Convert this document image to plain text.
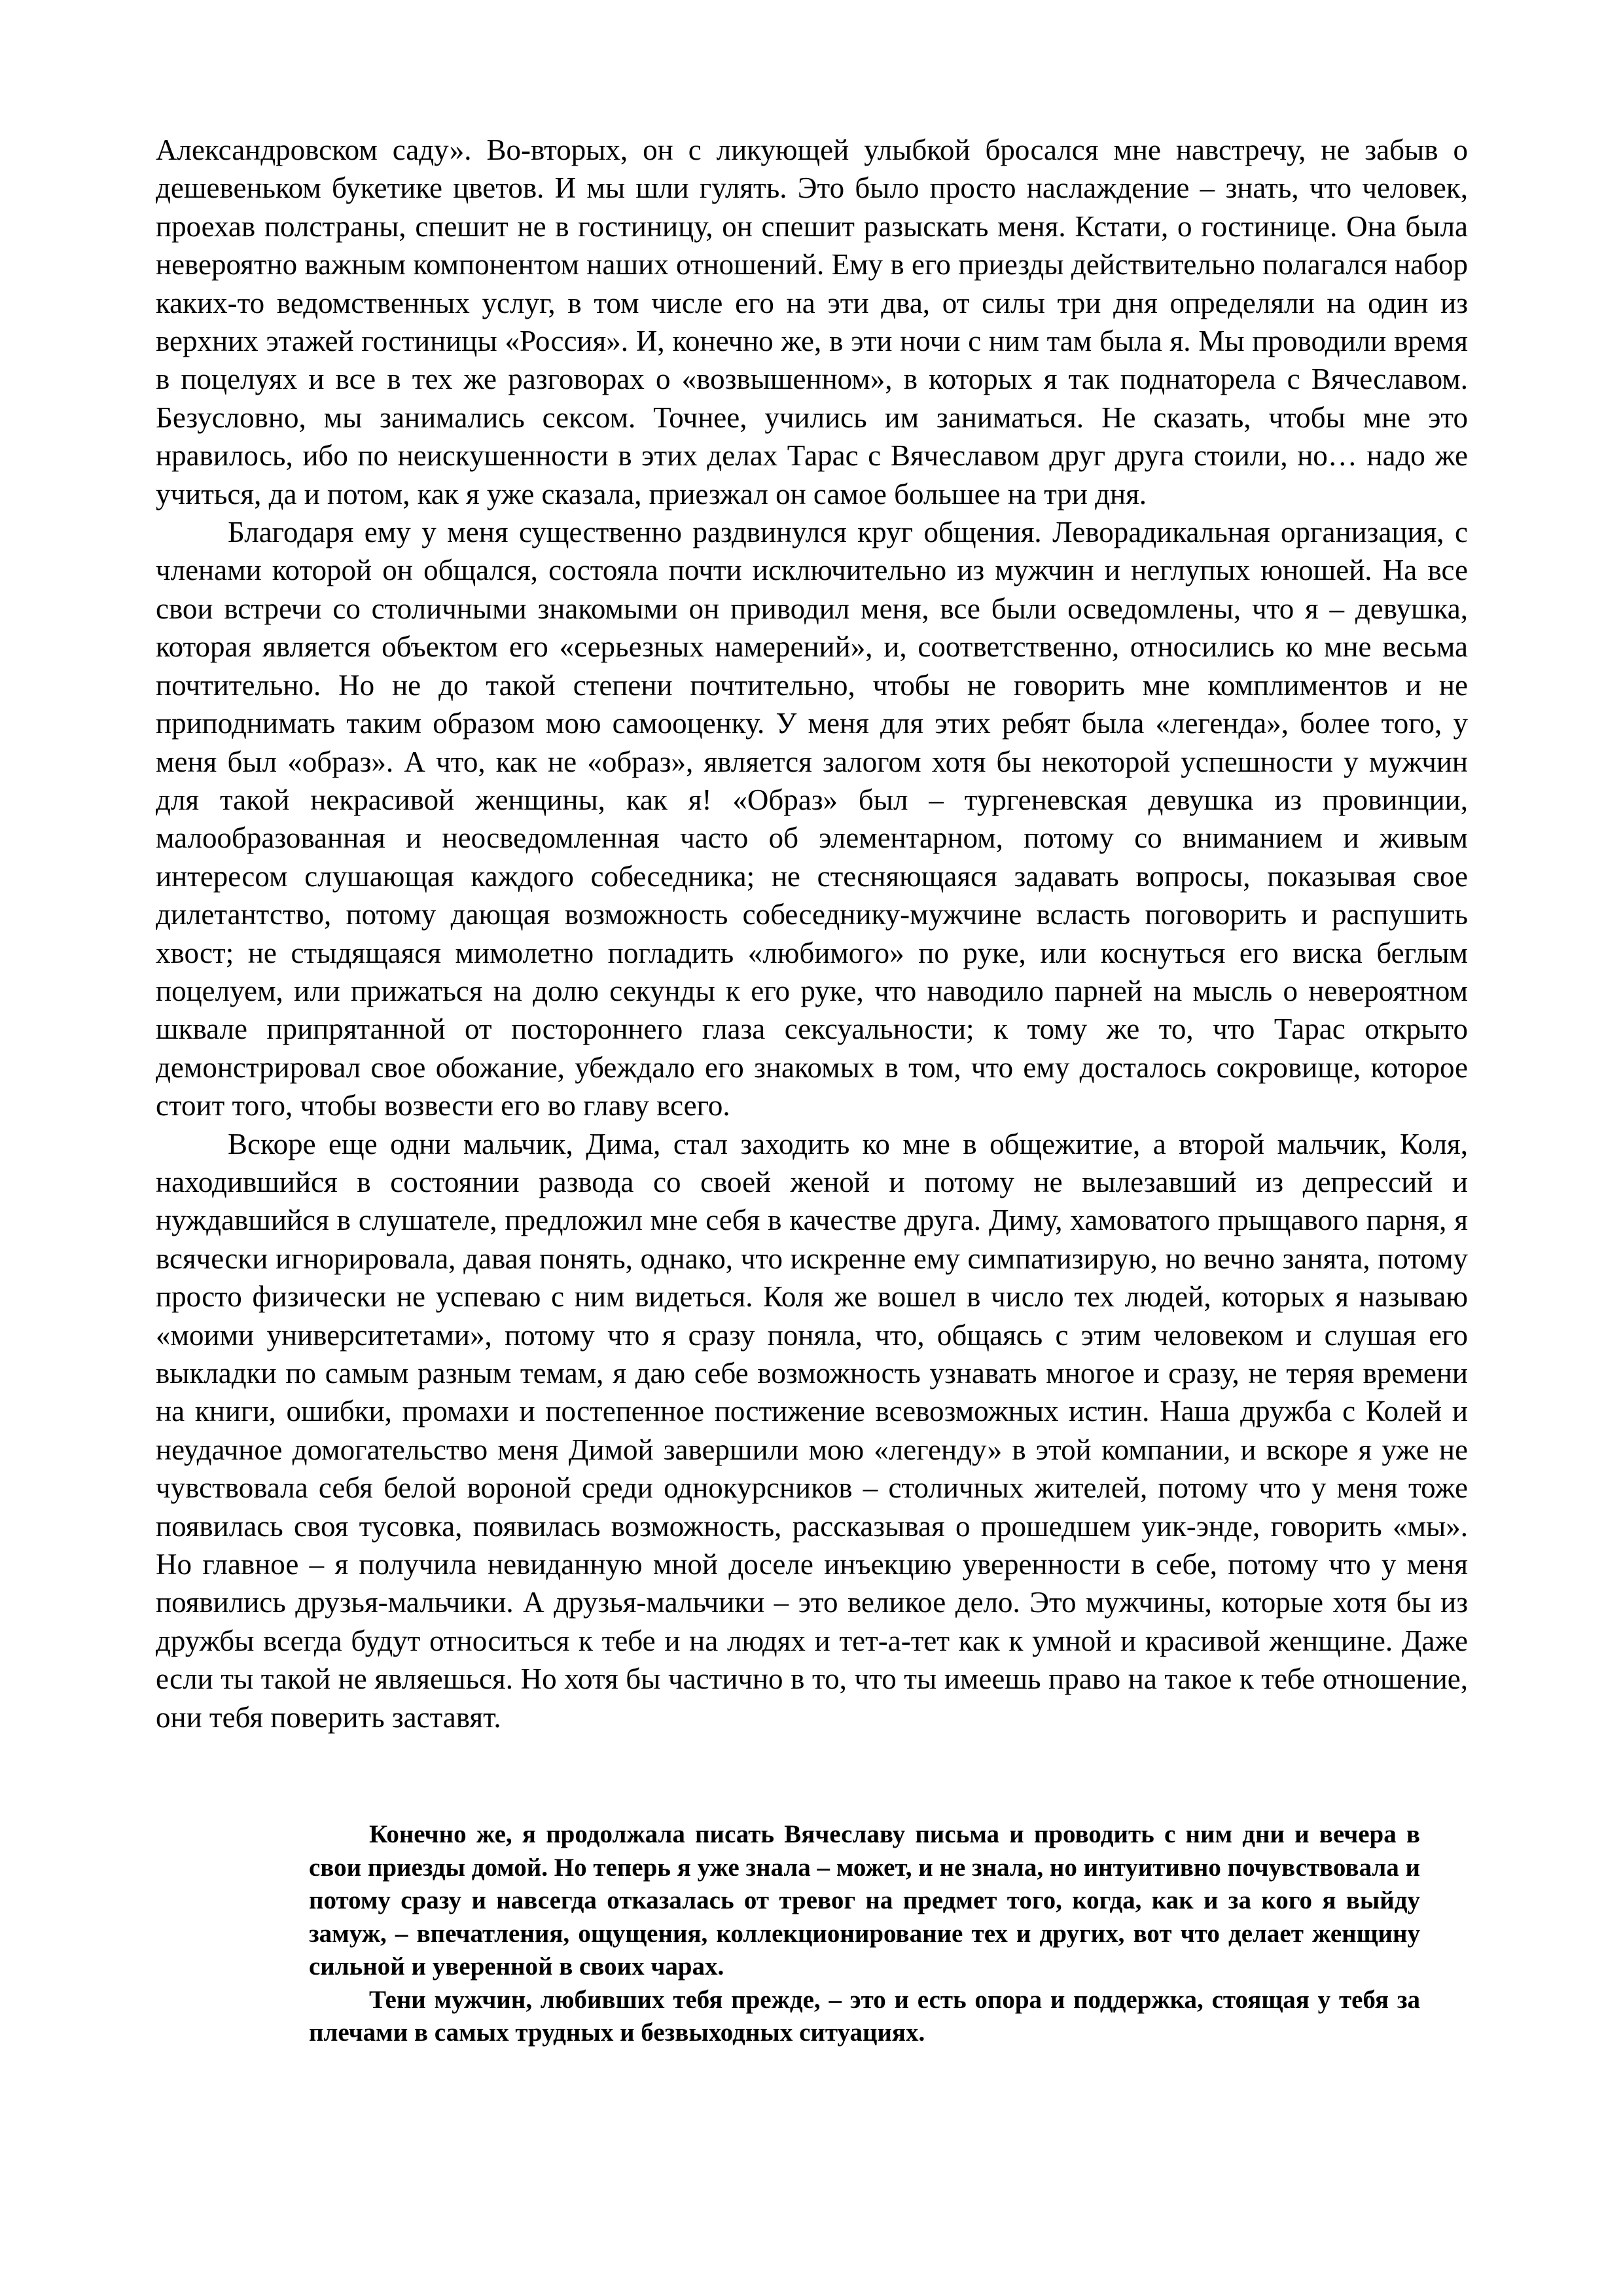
Александровском саду». Во-вторых, он с ликующей улыбкой бросался мне навстречу, не забыв о дешевеньком букетике цветов. И мы шли гулять. Это было просто наслаждение – знать, что человек, проехав полстраны, спешит не в гостиницу, он спешит разыскать меня. Кстати, о гостинице. Она была невероятно важным компонентом наших отношений. Ему в его приезды действительно полагался набор каких-то ведомственных услуг, в том числе его на эти два, от силы три дня определяли на один из верхних этажей гостиницы «Россия». И, конечно же, в эти ночи с ним там была я. Мы проводили время в поцелуях и все в тех же разговорах о «возвышенном», в которых я так поднаторела с Вячеславом. Безусловно, мы занимались сексом. Точнее, учились им заниматься. Не сказать, чтобы мне это нравилось, ибо по неискушенности в этих делах Тарас с Вячеславом друг друга стоили, но… надо же учиться, да и потом, как я уже сказала, приезжал он самое большее на три дня.

Благодаря ему у меня существенно раздвинулся круг общения. Леворадикальная организация, с членами которой он общался, состояла почти исключительно из мужчин и неглупых юношей. На все свои встречи со столичными знакомыми он приводил меня, все были осведомлены, что я – девушка, которая является объектом его «серьезных намерений», и, соответственно, относились ко мне весьма почтительно. Но не до такой степени почтительно, чтобы не говорить мне комплиментов и не приподнимать таким образом мою самооценку. У меня для этих ребят была «легенда», более того, у меня был «образ». А что, как не «образ», является залогом хотя бы некоторой успешности у мужчин для такой некрасивой женщины, как я! «Образ» был – тургеневская девушка из провинции, малообразованная и неосведомленная часто об элементарном, потому со вниманием и живым интересом слушающая каждого собеседника; не стесняющаяся задавать вопросы, показывая свое дилетантство, потому дающая возможность собеседнику-мужчине всласть поговорить и распушить хвост; не стыдящаяся мимолетно погладить «любимого» по руке, или коснуться его виска беглым поцелуем, или прижаться на долю секунды к его руке, что наводило парней на мысль о невероятном шквале припрятанной от постороннего глаза сексуальности; к тому же то, что Тарас открыто демонстрировал свое обожание, убеждало его знакомых в том, что ему досталось сокровище, которое стоит того, чтобы возвести его во главу всего.

Вскоре еще одни мальчик, Дима, стал заходить ко мне в общежитие, а второй мальчик, Коля, находившийся в состоянии развода со своей женой и потому не вылезавший из депрессий и нуждавшийся в слушателе, предложил мне себя в качестве друга. Диму, хамоватого прыщавого парня, я всячески игнорировала, давая понять, однако, что искренне ему симпатизирую, но вечно занята, потому просто физически не успеваю с ним видеться. Коля же вошел в число тех людей, которых я называю «моими университетами», потому что я сразу поняла, что, общаясь с этим человеком и слушая его выкладки по самым разным темам, я даю себе возможность узнавать многое и сразу, не теряя времени на книги, ошибки, промахи и постепенное постижение всевозможных истин. Наша дружба с Колей и неудачное домогательство меня Димой завершили мою «легенду» в этой компании, и вскоре я уже не чувствовала себя белой вороной среди однокурсников – столичных жителей, потому что у меня тоже появилась своя тусовка, появилась возможность, рассказывая о прошедшем уик-энде, говорить «мы». Но главное – я получила невиданную мной доселе инъекцию уверенности в себе, потому что у меня появились друзья-мальчики. А друзья-мальчики – это великое дело. Это мужчины, которые хотя бы из дружбы всегда будут относиться к тебе и на людях и тет-а-тет как к умной и красивой женщине. Даже если ты такой не являешься. Но хотя бы частично в то, что ты имеешь право на такое к тебе отношение, они тебя поверить заставят.

Конечно же, я продолжала писать Вячеславу письма и проводить с ним дни и вечера в свои приезды домой. Но теперь я уже знала – может, и не знала, но интуитивно почувствовала и потому сразу и навсегда отказалась от тревог на предмет того, когда, как и за кого я выйду замуж, – впечатления, ощущения, коллекционирование тех и других, вот что делает женщину сильной и уверенной в своих чарах.

Тени мужчин, любивших тебя прежде, – это и есть опора и поддержка, стоящая у тебя за плечами в самых трудных и безвыходных ситуациях.
